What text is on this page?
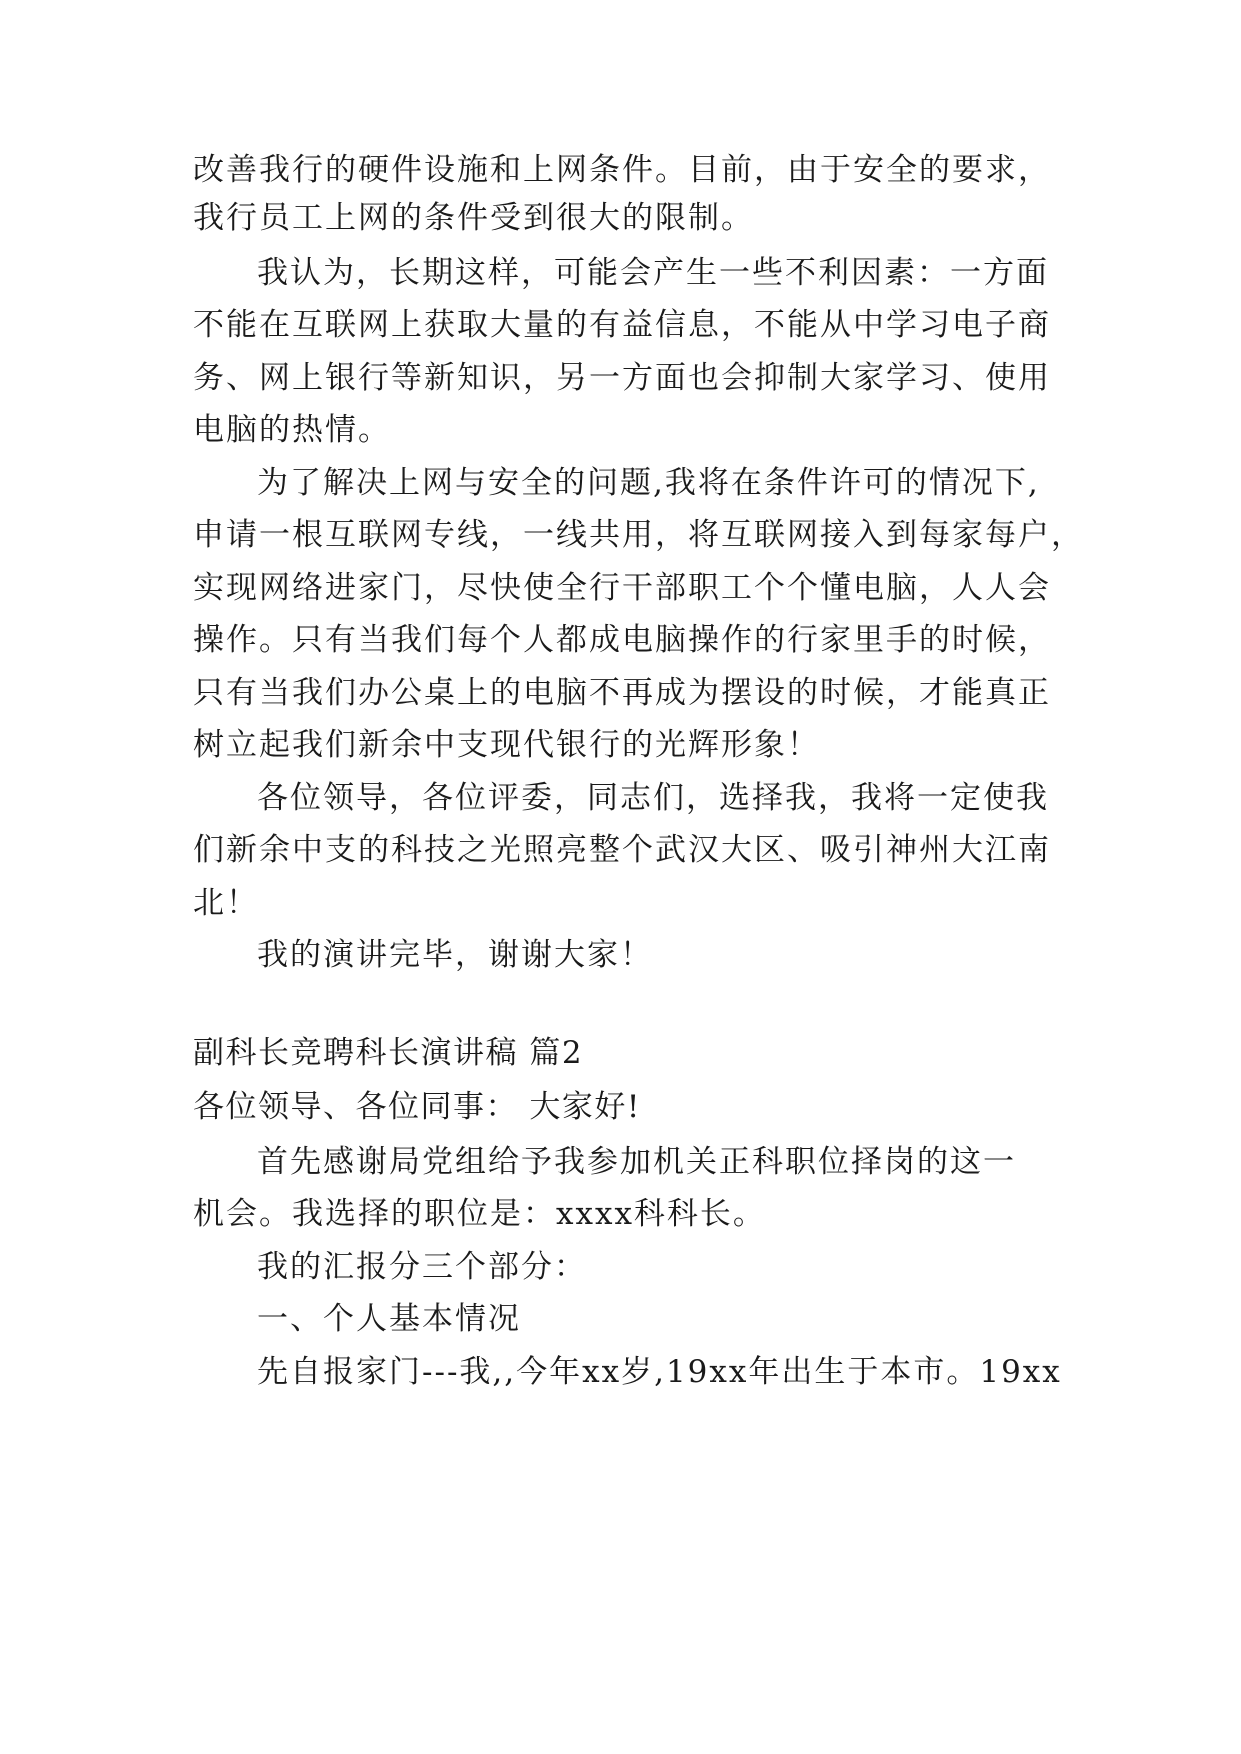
改善我行的硬件设施和上网条件。目前，由于安全的要求，
我行员工上网的条件受到很大的限制。
我认为，长期这样，可能会产生一些不利因素：一方面
不能在互联网上获取大量的有益信息，不能从中学习电子商
务、网上银行等新知识，另一方面也会抑制大家学习、使用
电脑的热情。
为了解决上网与安全的问题,我将在条件许可的情况下,
申请一根互联网专线，一线共用，将互联网接入到每家每户，
实现网络进家门，尽快使全行干部职工个个懂电脑，人人会
操作。只有当我们每个人都成电脑操作的行家里手的时候，
只有当我们办公桌上的电脑不再成为摆设的时候，才能真正
树立起我们新余中支现代银行的光辉形象！
各位领导，各位评委，同志们，选择我，我将一定使我
们新余中支的科技之光照亮整个武汉大区、吸引神州大江南
北！
我的演讲完毕，谢谢大家！
副科长竞聘科长演讲稿 篇2
各位领导、各位同事： 大家好!
首先感谢局党组给予我参加机关正科职位择岗的这一
机会。我选择的职位是：xxxx科科长。
我的汇报分三个部分：
一、个人基本情况
先自报家门---我,,今年xx岁,19xx年出生于本市。19xx
